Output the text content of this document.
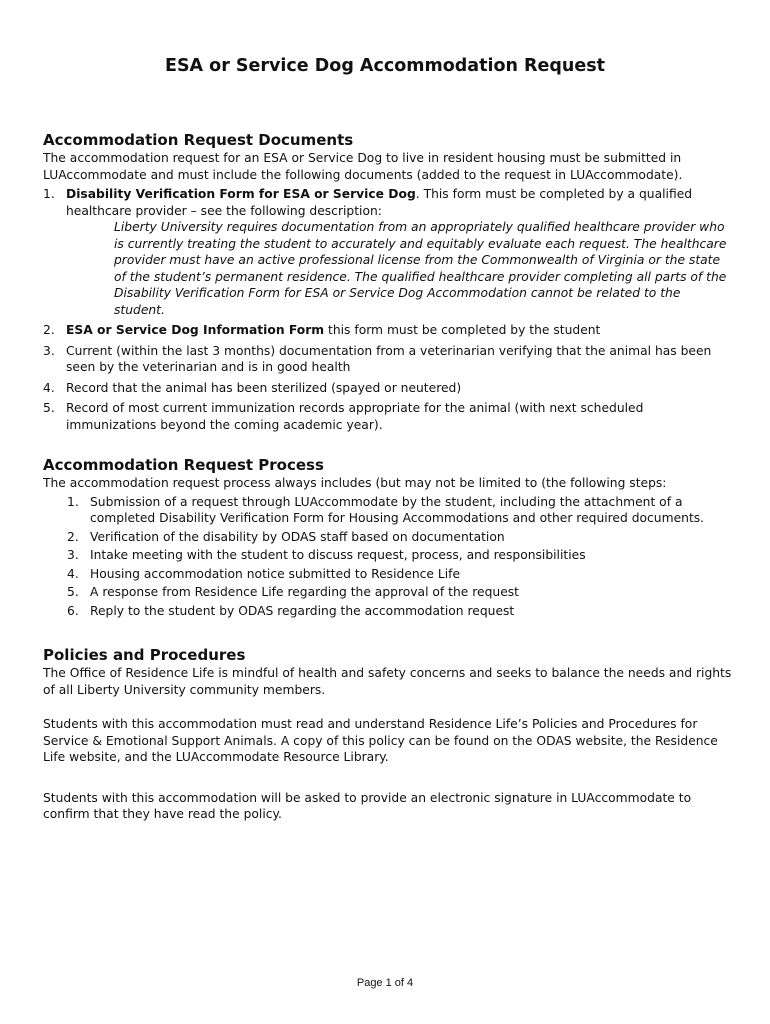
ESA or Service Dog Accommodation Request
Accommodation Request Documents

The accommodation request for an ESA or Service Dog to live in resident housing must be submitted in LUAccommodate and must include the following documents (added to the request in LUAccommodate).

1. Disability Verification Form for ESA or Service Dog. This form must be completed by a qualified healthcare provider – see the following description:
Liberty University requires documentation from an appropriately qualified healthcare provider who is currently treating the student to accurately and equitably evaluate each request. The healthcare provider must have an active professional license from the Commonwealth of Virginia or the state of the student’s permanent residence. The qualified healthcare provider completing all parts of the Disability Verification Form for ESA or Service Dog Accommodation cannot be related to the student.
2. ESA or Service Dog Information Form this form must be completed by the student
3. Current (within the last 3 months) documentation from a veterinarian verifying that the animal has been seen by the veterinarian and is in good health
4. Record that the animal has been sterilized (spayed or neutered)
5. Record of most current immunization records appropriate for the animal (with next scheduled immunizations beyond the coming academic year).
Accommodation Request Process

The accommodation request process always includes (but may not be limited to (the following steps:

1. Submission of a request through LUAccommodate by the student, including the attachment of a completed Disability Verification Form for Housing Accommodations and other required documents.
2. Verification of the disability by ODAS staff based on documentation
3. Intake meeting with the student to discuss request, process, and responsibilities
4. Housing accommodation notice submitted to Residence Life
5. A response from Residence Life regarding the approval of the request
6. Reply to the student by ODAS regarding the accommodation request
Policies and Procedures

The Office of Residence Life is mindful of health and safety concerns and seeks to balance the needs and rights of all Liberty University community members.

Students with this accommodation must read and understand Residence Life’s Policies and Procedures for Service & Emotional Support Animals. A copy of this policy can be found on the ODAS website, the Residence Life website, and the LUAccommodate Resource Library.

Students with this accommodation will be asked to provide an electronic signature in LUAccommodate to confirm that they have read the policy.

Page 1 of 4
